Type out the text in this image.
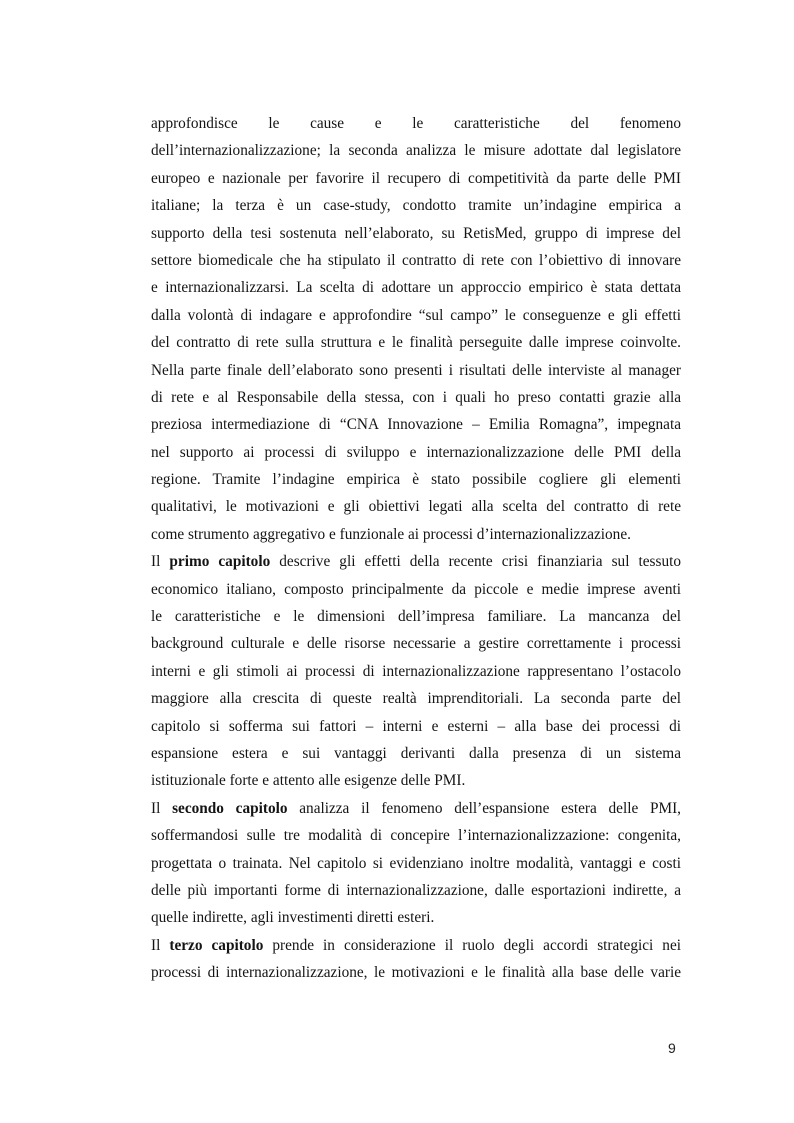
approfondisce le cause e le caratteristiche del fenomeno
dell’internazionalizzazione; la seconda analizza le misure adottate dal legislatore
europeo e nazionale per favorire il recupero di competitività da parte delle PMI
italiane; la terza è un case-study, condotto tramite un’indagine empirica a
supporto della tesi sostenuta nell’elaborato, su RetisMed, gruppo di imprese del
settore biomedicale che ha stipulato il contratto di rete con l’obiettivo di innovare
e internazionalizzarsi. La scelta di adottare un approccio empirico è stata dettata
dalla volontà di indagare e approfondire “sul campo” le conseguenze e gli effetti
del contratto di rete sulla struttura e le finalità perseguite dalle imprese coinvolte.
Nella parte finale dell’elaborato sono presenti i risultati delle interviste al manager
di rete e al Responsabile della stessa, con i quali ho preso contatti grazie alla
preziosa intermediazione di “CNA Innovazione – Emilia Romagna”, impegnata
nel supporto ai processi di sviluppo e internazionalizzazione delle PMI della
regione. Tramite l’indagine empirica è stato possibile cogliere gli elementi
qualitativi, le motivazioni e gli obiettivi legati alla scelta del contratto di rete
come strumento aggregativo e funzionale ai processi d’internazionalizzazione.
Il primo capitolo descrive gli effetti della recente crisi finanziaria sul tessuto
economico italiano, composto principalmente da piccole e medie imprese aventi
le caratteristiche e le dimensioni dell’impresa familiare. La mancanza del
background culturale e delle risorse necessarie a gestire correttamente i processi
interni e gli stimoli ai processi di internazionalizzazione rappresentano l’ostacolo
maggiore alla crescita di queste realtà imprenditoriali. La seconda parte del
capitolo si sofferma sui fattori – interni e esterni – alla base dei processi di
espansione estera e sui vantaggi derivanti dalla presenza di un sistema
istituzionale forte e attento alle esigenze delle PMI.
Il secondo capitolo analizza il fenomeno dell’espansione estera delle PMI,
soffermandosi sulle tre modalità di concepire l’internazionalizzazione: congenita,
progettata o trainata. Nel capitolo si evidenziano inoltre modalità, vantaggi e costi
delle più importanti forme di internazionalizzazione, dalle esportazioni indirette, a
quelle indirette, agli investimenti diretti esteri.
Il terzo capitolo prende in considerazione il ruolo degli accordi strategici nei
processi di internazionalizzazione, le motivazioni e le finalità alla base delle varie
9
